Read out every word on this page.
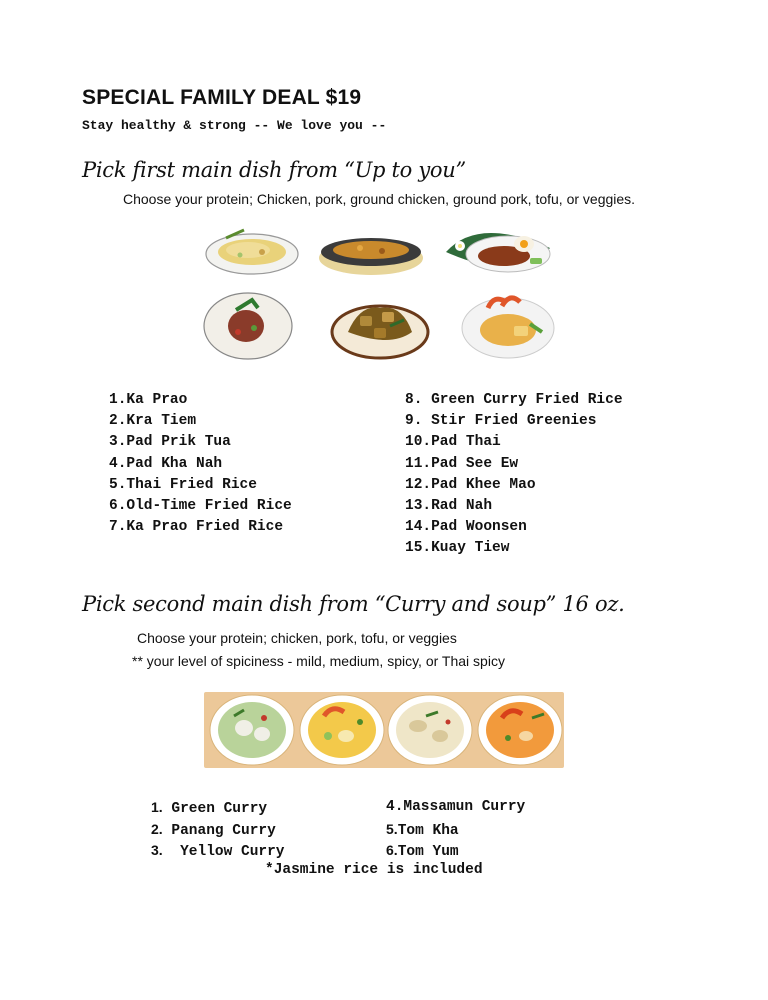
SPECIAL FAMILY DEAL $19
Stay healthy & strong -- We love you --
Pick first main dish from “Up to you”
Choose your protein; Chicken, pork, ground chicken, ground pork, tofu, or veggies.
1.Ka Prao
2.Kra Tiem
3.Pad Prik Tua
4.Pad Kha Nah
5.Thai Fried Rice
6.Old-Time Fried Rice
7.Ka Prao Fried Rice
8. Green Curry Fried Rice
9. Stir Fried Greenies
10.Pad Thai
11.Pad See Ew
12.Pad Khee Mao
13.Rad Nah
14.Pad Woonsen
15.Kuay Tiew
Pick second main dish from “Curry and soup” 16 oz.
Choose your protein; chicken, pork, tofu, or veggies
** your level of spiciness - mild, medium, spicy, or Thai spicy
1. Green Curry
2. Panang Curry
3.  Yellow Curry
4.Massamun Curry
5.Tom Kha
6.Tom Yum
*Jasmine rice is included
